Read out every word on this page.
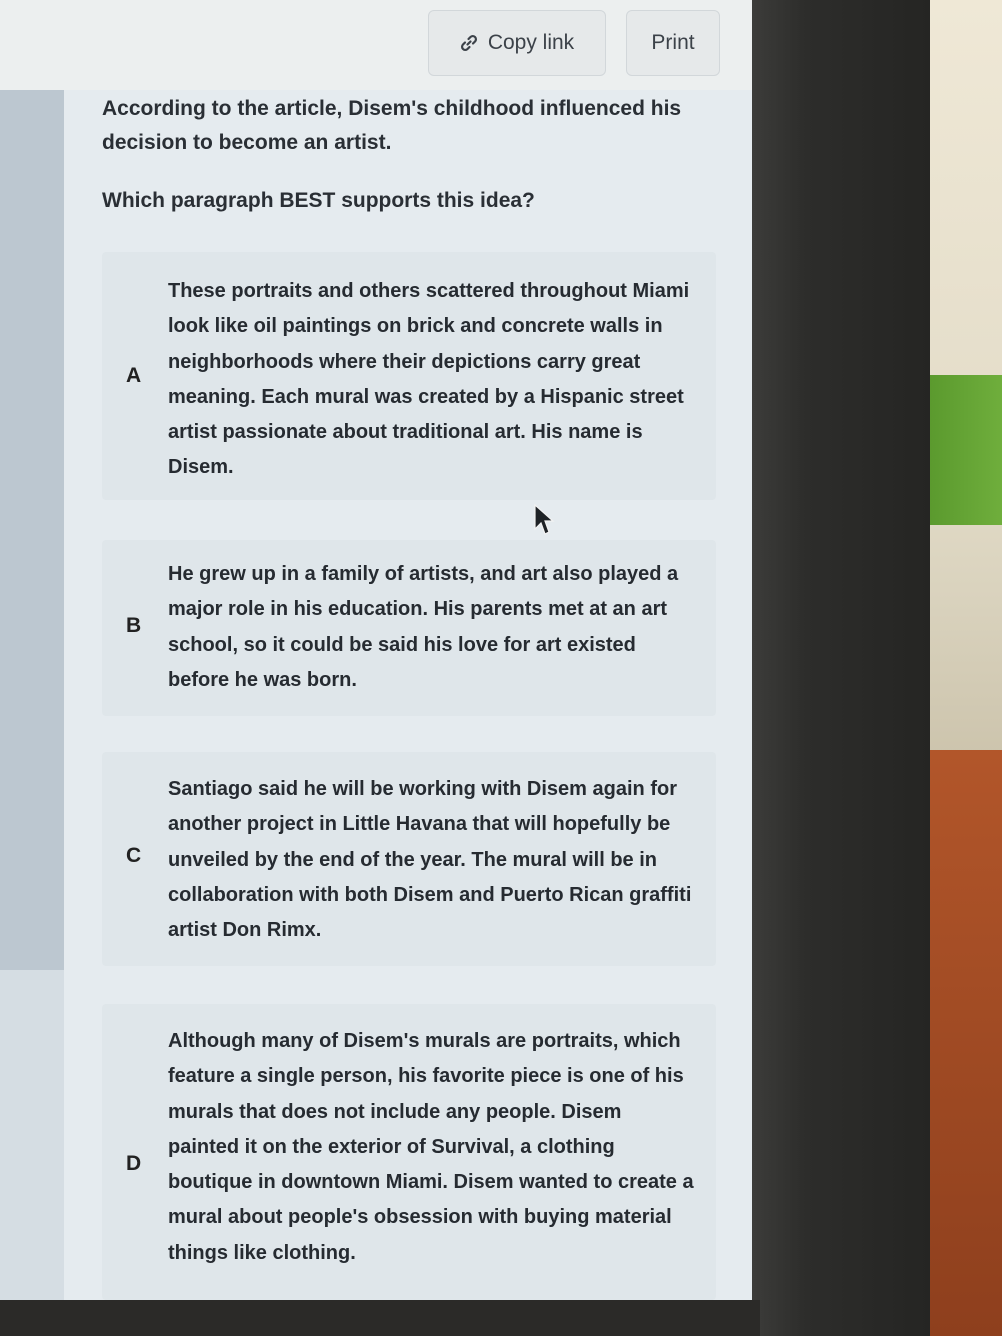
Copy link	Print

According to the article, Disem's childhood influenced his decision to become an artist.

Which paragraph BEST supports this idea?

A

These portraits and others scattered throughout Miami look like oil paintings on brick and concrete walls in neighborhoods where their depictions carry great meaning. Each mural was created by a Hispanic street artist passionate about traditional art. His name is Disem.

B

He grew up in a family of artists, and art also played a major role in his education. His parents met at an art school, so it could be said his love for art existed before he was born.

C

Santiago said he will be working with Disem again for another project in Little Havana that will hopefully be unveiled by the end of the year. The mural will be in collaboration with both Disem and Puerto Rican graffiti artist Don Rimx.

D

Although many of Disem's murals are portraits, which feature a single person, his favorite piece is one of his murals that does not include any people. Disem painted it on the exterior of Survival, a clothing boutique in downtown Miami. Disem wanted to create a mural about people's obsession with buying material things like clothing.
